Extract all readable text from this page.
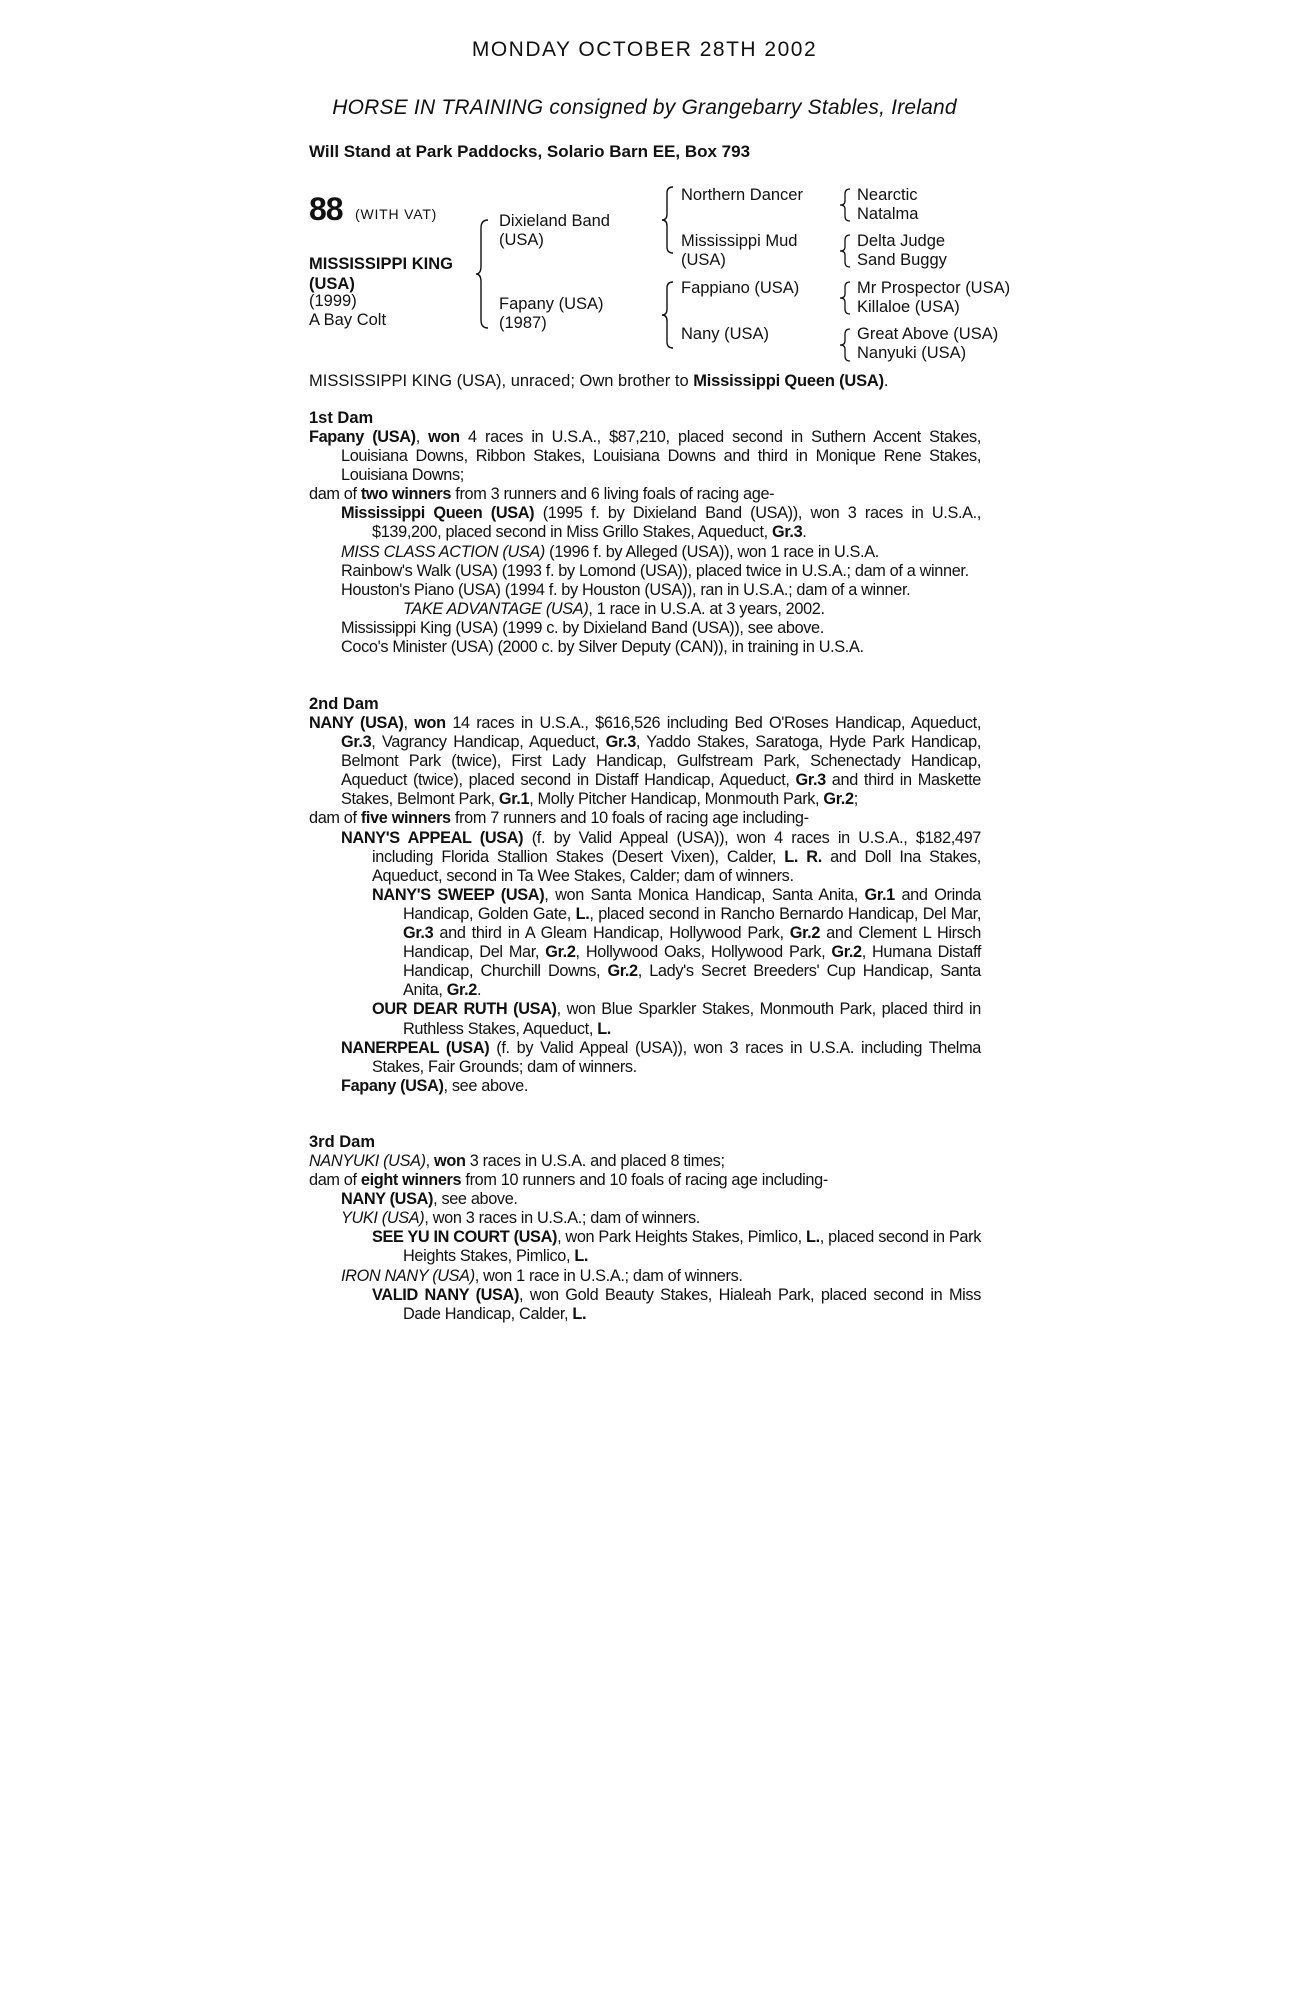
MONDAY OCTOBER 28TH 2002
HORSE IN TRAINING consigned by Grangebarry Stables, Ireland
Will Stand at Park Paddocks, Solario Barn EE, Box 793
88 (WITH VAT)
MISSISSIPPI KING
(USA)
(1999)
A Bay Colt
Dixieland Band
(USA)
Fapany (USA)
(1987)
Northern Dancer
Mississippi Mud
(USA)
Fappiano (USA)
Nany (USA)
Nearctic
Natalma
Delta Judge
Sand Buggy
Mr Prospector (USA)
Killaloe (USA)
Great Above (USA)
Nanyuki (USA)
MISSISSIPPI KING (USA), unraced; Own brother to Mississippi Queen (USA).
1st Dam
Fapany (USA), won 4 races in U.S.A., $87,210, placed second in Suthern Accent Stakes, Louisiana Downs, Ribbon Stakes, Louisiana Downs and third in Monique Rene Stakes, Louisiana Downs;
dam of two winners from 3 runners and 6 living foals of racing age-
Mississippi Queen (USA) (1995 f. by Dixieland Band (USA)), won 3 races in U.S.A., $139,200, placed second in Miss Grillo Stakes, Aqueduct, Gr.3.
MISS CLASS ACTION (USA) (1996 f. by Alleged (USA)), won 1 race in U.S.A.
Rainbow's Walk (USA) (1993 f. by Lomond (USA)), placed twice in U.S.A.; dam of a winner.
Houston's Piano (USA) (1994 f. by Houston (USA)), ran in U.S.A.; dam of a winner.
TAKE ADVANTAGE (USA), 1 race in U.S.A. at 3 years, 2002.
Mississippi King (USA) (1999 c. by Dixieland Band (USA)), see above.
Coco's Minister (USA) (2000 c. by Silver Deputy (CAN)), in training in U.S.A.
2nd Dam
NANY (USA), won 14 races in U.S.A., $616,526 including Bed O'Roses Handicap, Aqueduct, Gr.3, Vagrancy Handicap, Aqueduct, Gr.3, Yaddo Stakes, Saratoga, Hyde Park Handicap, Belmont Park (twice), First Lady Handicap, Gulfstream Park, Schenectady Handicap, Aqueduct (twice), placed second in Distaff Handicap, Aqueduct, Gr.3 and third in Maskette Stakes, Belmont Park, Gr.1, Molly Pitcher Handicap, Monmouth Park, Gr.2;
dam of five winners from 7 runners and 10 foals of racing age including-
NANY'S APPEAL (USA) (f. by Valid Appeal (USA)), won 4 races in U.S.A., $182,497 including Florida Stallion Stakes (Desert Vixen), Calder, L. R. and Doll Ina Stakes, Aqueduct, second in Ta Wee Stakes, Calder; dam of winners.
NANY'S SWEEP (USA), won Santa Monica Handicap, Santa Anita, Gr.1 and Orinda Handicap, Golden Gate, L., placed second in Rancho Bernardo Handicap, Del Mar, Gr.3 and third in A Gleam Handicap, Hollywood Park, Gr.2 and Clement L Hirsch Handicap, Del Mar, Gr.2, Hollywood Oaks, Hollywood Park, Gr.2, Humana Distaff Handicap, Churchill Downs, Gr.2, Lady's Secret Breeders' Cup Handicap, Santa Anita, Gr.2.
OUR DEAR RUTH (USA), won Blue Sparkler Stakes, Monmouth Park, placed third in Ruthless Stakes, Aqueduct, L.
NANERPEAL (USA) (f. by Valid Appeal (USA)), won 3 races in U.S.A. including Thelma Stakes, Fair Grounds; dam of winners.
Fapany (USA), see above.
3rd Dam
NANYUKI (USA), won 3 races in U.S.A. and placed 8 times;
dam of eight winners from 10 runners and 10 foals of racing age including-
NANY (USA), see above.
YUKI (USA), won 3 races in U.S.A.; dam of winners.
SEE YU IN COURT (USA), won Park Heights Stakes, Pimlico, L., placed second in Park Heights Stakes, Pimlico, L.
IRON NANY (USA), won 1 race in U.S.A.; dam of winners.
VALID NANY (USA), won Gold Beauty Stakes, Hialeah Park, placed second in Miss Dade Handicap, Calder, L.
